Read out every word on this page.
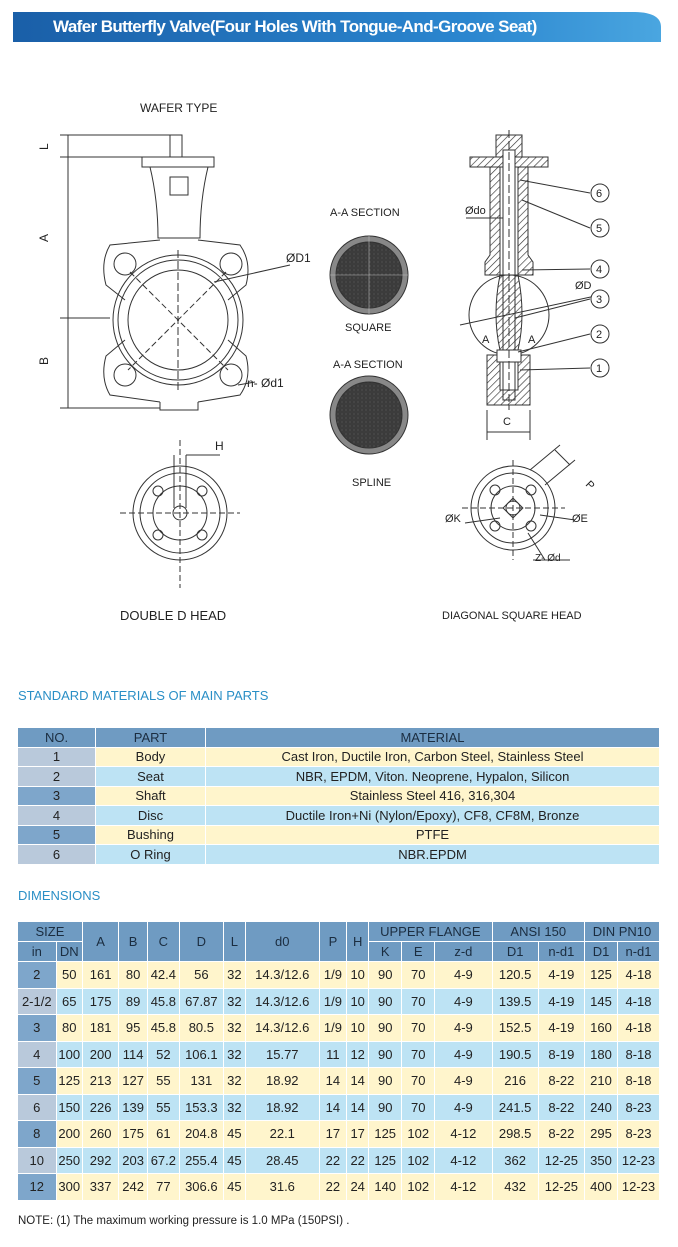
Wafer Butterfly Valve(Four Holes With Tongue-And-Groove Seat)
WAFER TYPE
L
A
B
ØD1
n- Ød1
H
DOUBLE D HEAD
A-A SECTION
SQUARE
A-A SECTION
SPLINE
Ødo
A	A
ØD
C
6
5
4
3
2
1
P
ØK	ØE
Z- Ød
DIAGONAL SQUARE HEAD
STANDARD MATERIALS OF MAIN PARTS
NO.	PART	MATERIAL
1	Body	Cast Iron, Ductile Iron, Carbon Steel, Stainless Steel
2	Seat	NBR, EPDM, Viton. Neoprene, Hypalon, Silicon
3	Shaft	Stainless Steel 416, 316,304
4	Disc	Ductile Iron+Ni (Nylon/Epoxy), CF8, CF8M, Bronze
5	Bushing	PTFE
6	O Ring	NBR.EPDM
DIMENSIONS
SIZE		A	B	C	D	L	d0	P	H	UPPER FLANGE			ANSI 150		DIN PN10	
in	DN									K	E	z-d	D1	n-d1	D1	n-d1
2	50	161	80	42.4	56	32	14.3/12.6	1/9	10	90	70	4-9	120.5	4-19	125	4-18
2-1/2	65	175	89	45.8	67.87	32	14.3/12.6	1/9	10	90	70	4-9	139.5	4-19	145	4-18
3	80	181	95	45.8	80.5	32	14.3/12.6	1/9	10	90	70	4-9	152.5	4-19	160	4-18
4	100	200	114	52	106.1	32	15.77	11	12	90	70	4-9	190.5	8-19	180	8-18
5	125	213	127	55	131	32	18.92	14	14	90	70	4-9	216	8-22	210	8-18
6	150	226	139	55	153.3	32	18.92	14	14	90	70	4-9	241.5	8-22	240	8-23
8	200	260	175	61	204.8	45	22.1	17	17	125	102	4-12	298.5	8-22	295	8-23
10	250	292	203	67.2	255.4	45	28.45	22	22	125	102	4-12	362	12-25	350	12-23
12	300	337	242	77	306.6	45	31.6	22	24	140	102	4-12	432	12-25	400	12-23
NOTE: (1) The maximum working pressure is 1.0 MPa (150PSI) .
